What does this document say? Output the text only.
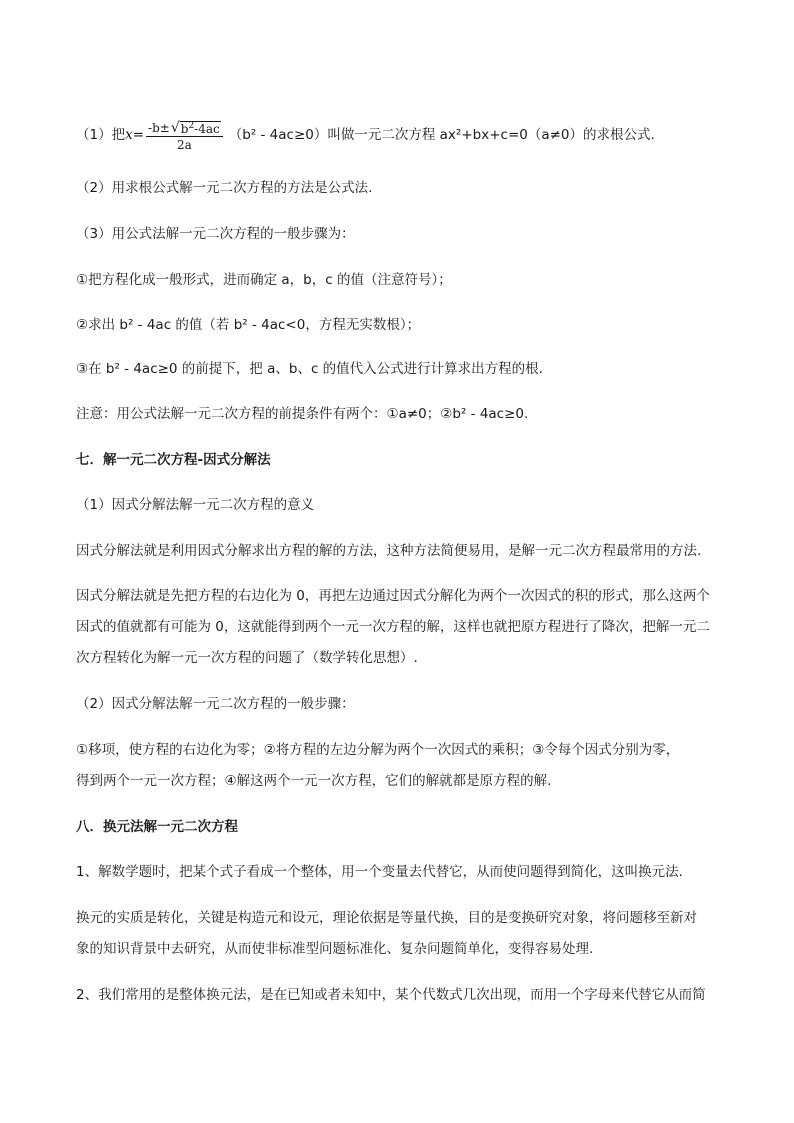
（1）把 $x = \frac{-b\pm √ b^2-4ac}{2a} (b^2 - 4ac\ge 0)$叫做一元二次方程 ax²+bx+c=0（a≠0）的求根公式.
（2）用求根公式解一元二次方程的方法是公式法.
（3）用公式法解一元二次方程的一般步骤为：
①把方程化成一般形式，进而确定 a，b，c 的值（注意符号）；
②求出 b² - 4ac 的值（若 b² - 4ac<0，方程无实数根）；
③在 b² - 4ac≥0 的前提下，把 a、b、c 的值代入公式进行计算求出方程的根.
注意：用公式法解一元二次方程的前提条件有两个：①a≠0；②b² - 4ac≥0.
七．解一元二次方程-因式分解法
（1）因式分解法解一元二次方程的意义
因式分解法就是利用因式分解求出方程的解的方法，这种方法简便易用，是解一元二次方程最常用的方法.
因式分解法就是先把方程的右边化为 0，再把左边通过因式分解化为两个一次因式的积的形式，那么这两个
因式的值就都有可能为 0，这就能得到两个一元一次方程的解，这样也就把原方程进行了降次，把解一元二
次方程转化为解一元一次方程的问题了（数学转化思想）.
（2）因式分解法解一元二次方程的一般步骤：
①移项，使方程的右边化为零；②将方程的左边分解为两个一次因式的乘积；③令每个因式分别为零，
得到两个一元一次方程；④解这两个一元一次方程，它们的解就都是原方程的解.
八．换元法解一元二次方程
1、解数学题时，把某个式子看成一个整体，用一个变量去代替它，从而使问题得到简化，这叫换元法.
换元的实质是转化，关键是构造元和设元，理论依据是等量代换，目的是变换研究对象，将问题移至新对
象的知识背景中去研究，从而使非标准型问题标准化、复杂问题简单化，变得容易处理.
2、我们常用的是整体换元法，是在已知或者未知中，某个代数式几次出现，而用一个字母来代替它从而简
